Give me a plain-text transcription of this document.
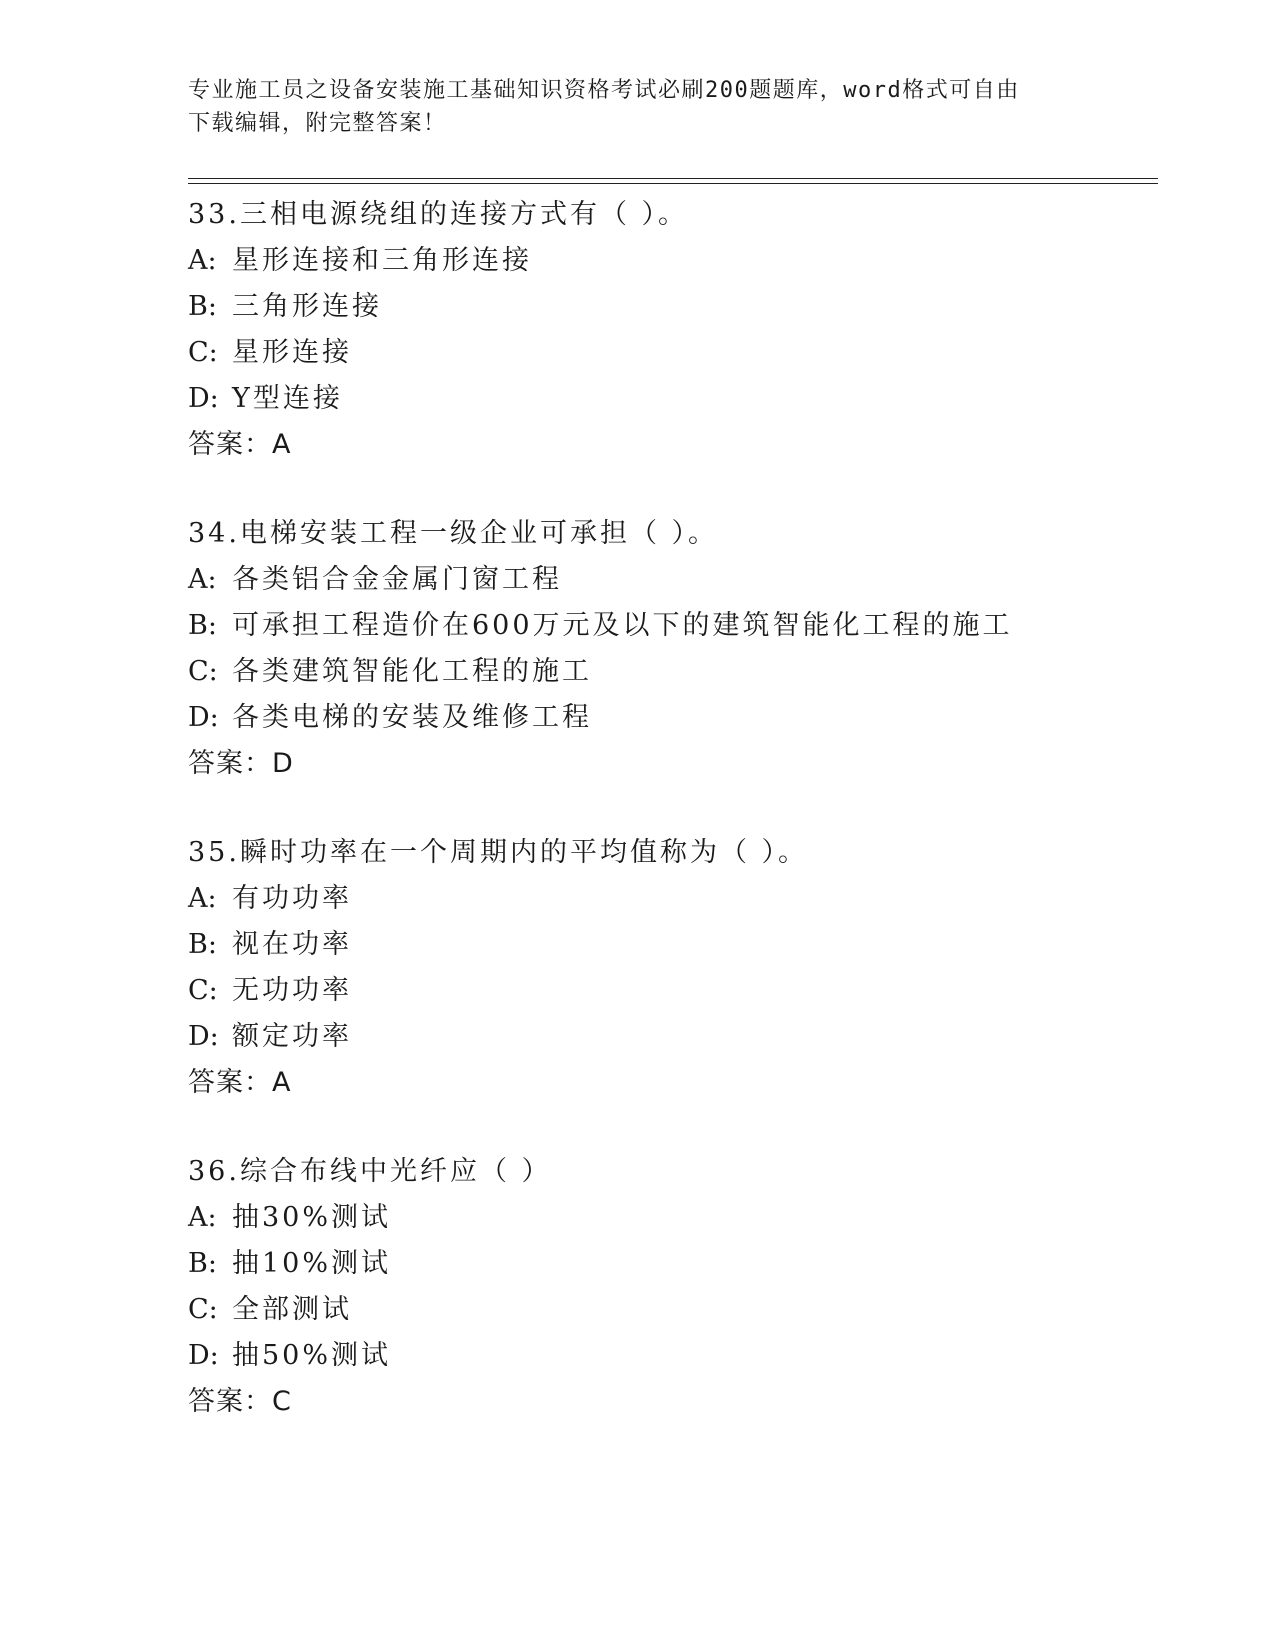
专业施工员之设备安装施工基础知识资格考试必刷200题题库，word格式可自由
下载编辑，附完整答案！
33.三相电源绕组的连接方式有（ ）。
A: 星形连接和三角形连接
B: 三角形连接
C: 星形连接
D: Y型连接
答案：A
34.电梯安装工程一级企业可承担（ ）。
A: 各类铝合金金属门窗工程
B: 可承担工程造价在600万元及以下的建筑智能化工程的施工
C: 各类建筑智能化工程的施工
D: 各类电梯的安装及维修工程
答案：D
35.瞬时功率在一个周期内的平均值称为（ ）。
A: 有功功率
B: 视在功率
C: 无功功率
D: 额定功率
答案：A
36.综合布线中光纤应（ ）
A: 抽30%测试
B: 抽10%测试
C: 全部测试
D: 抽50%测试
答案：C
